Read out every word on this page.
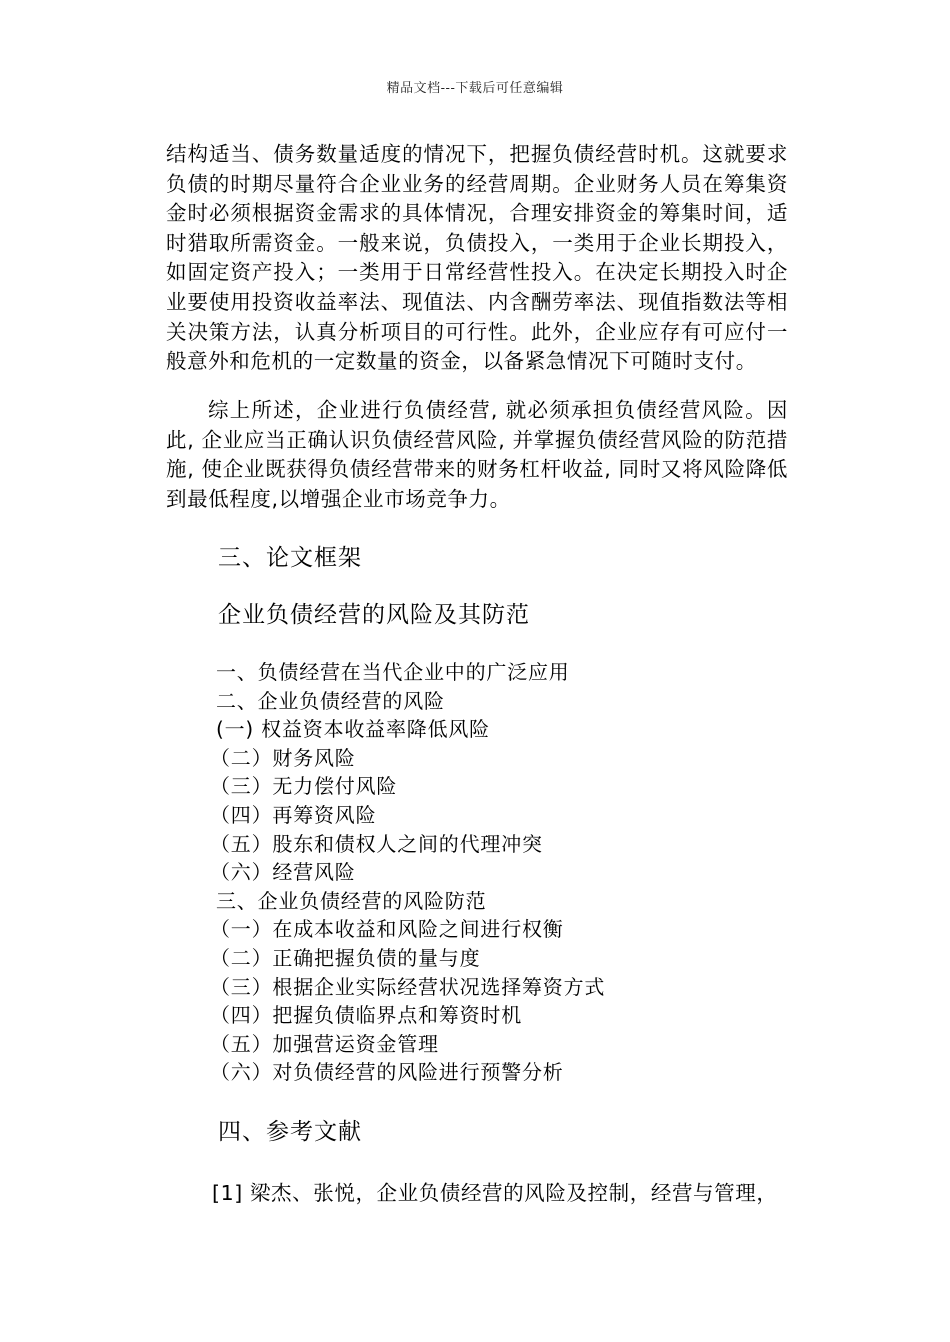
精品文档---下载后可任意编辑

结构适当、债务数量适度的情况下，把握负债经营时机。这就要求负债的时期尽量符合企业业务的经营周期。企业财务人员在筹集资金时必须根据资金需求的具体情况，合理安排资金的筹集时间，适时猎取所需资金。一般来说，负债投入，一类用于企业长期投入，如固定资产投入；一类用于日常经营性投入。在决定长期投入时企业要使用投资收益率法、现值法、内含酬劳率法、现值指数法等相关决策方法，认真分析项目的可行性。此外，企业应存有可应付一般意外和危机的一定数量的资金，以备紧急情况下可随时支付。

综上所述，企业进行负债经营, 就必须承担负债经营风险。因此, 企业应当正确认识负债经营风险, 并掌握负债经营风险的防范措施, 使企业既获得负债经营带来的财务杠杆收益, 同时又将风险降低到最低程度,以增强企业市场竞争力。

三、论文框架
企业负债经营的风险及其防范
一、负债经营在当代企业中的广泛应用
二、企业负债经营的风险
(一) 权益资本收益率降低风险
（二）财务风险
（三）无力偿付风险
（四）再筹资风险
（五）股东和债权人之间的代理冲突
（六）经营风险
三、企业负债经营的风险防范
（一）在成本收益和风险之间进行权衡
（二）正确把握负债的量与度
（三）根据企业实际经营状况选择筹资方式
（四）把握负债临界点和筹资时机
（五）加强营运资金管理
（六）对负债经营的风险进行预警分析
四、参考文献

[1] 梁杰、张悦，企业负债经营的风险及控制，经营与管理，
